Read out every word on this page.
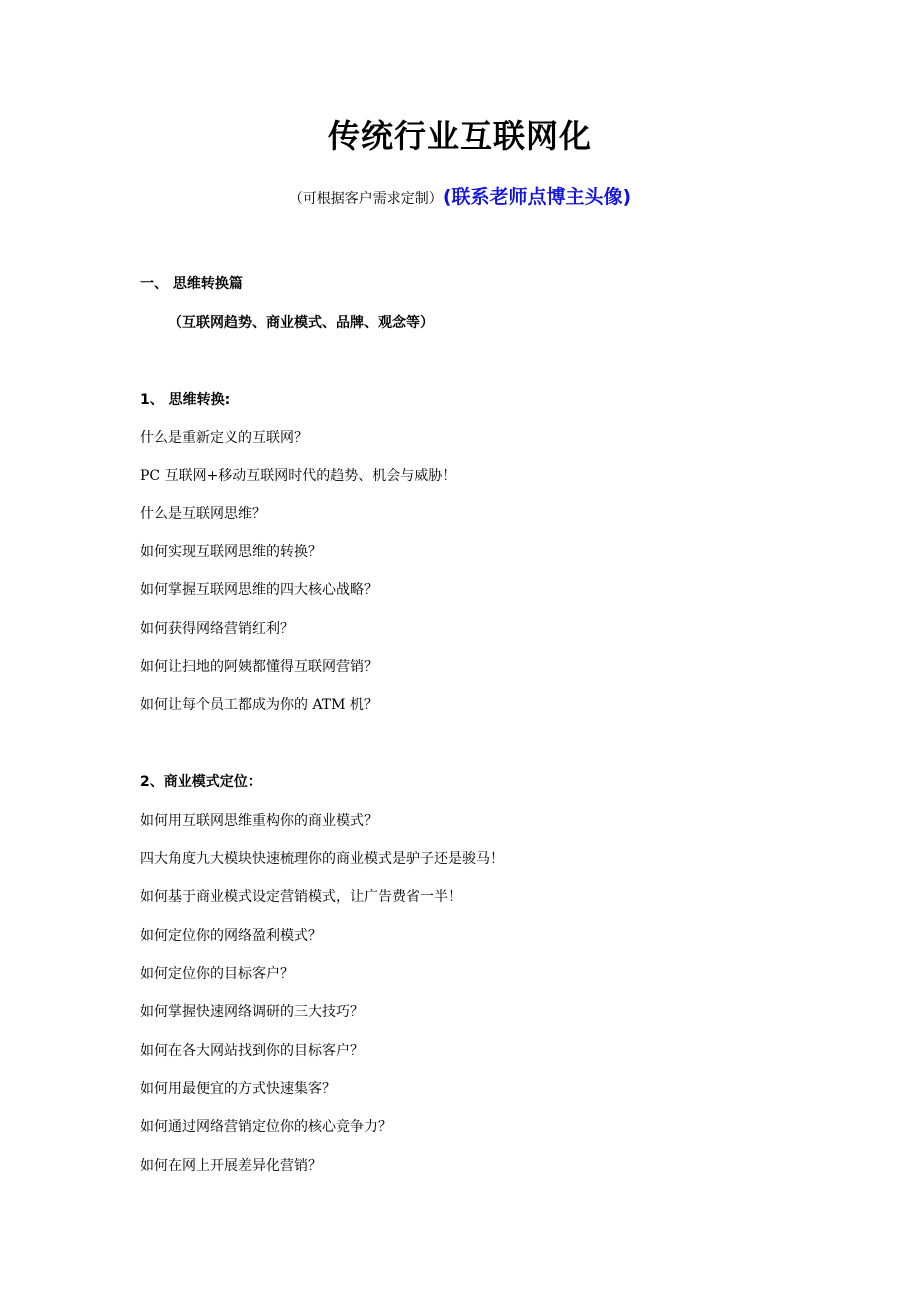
传统行业互联网化
（可根据客户需求定制）(联系老师点博主头像)
一、 思维转换篇
（互联网趋势、商业模式、品牌、观念等）
1、 思维转换:
什么是重新定义的互联网？
PC 互联网+移动互联网时代的趋势、机会与威胁！
什么是互联网思维？
如何实现互联网思维的转换？
如何掌握互联网思维的四大核心战略？
如何获得网络营销红利？
如何让扫地的阿姨都懂得互联网营销？
如何让每个员工都成为你的 ATM 机？
2、商业模式定位：
如何用互联网思维重构你的商业模式？
四大角度九大模块快速梳理你的商业模式是驴子还是骏马！
如何基于商业模式设定营销模式，让广告费省一半！
如何定位你的网络盈利模式？
如何定位你的目标客户？
如何掌握快速网络调研的三大技巧？
如何在各大网站找到你的目标客户？
如何用最便宜的方式快速集客？
如何通过网络营销定位你的核心竞争力？
如何在网上开展差异化营销？
